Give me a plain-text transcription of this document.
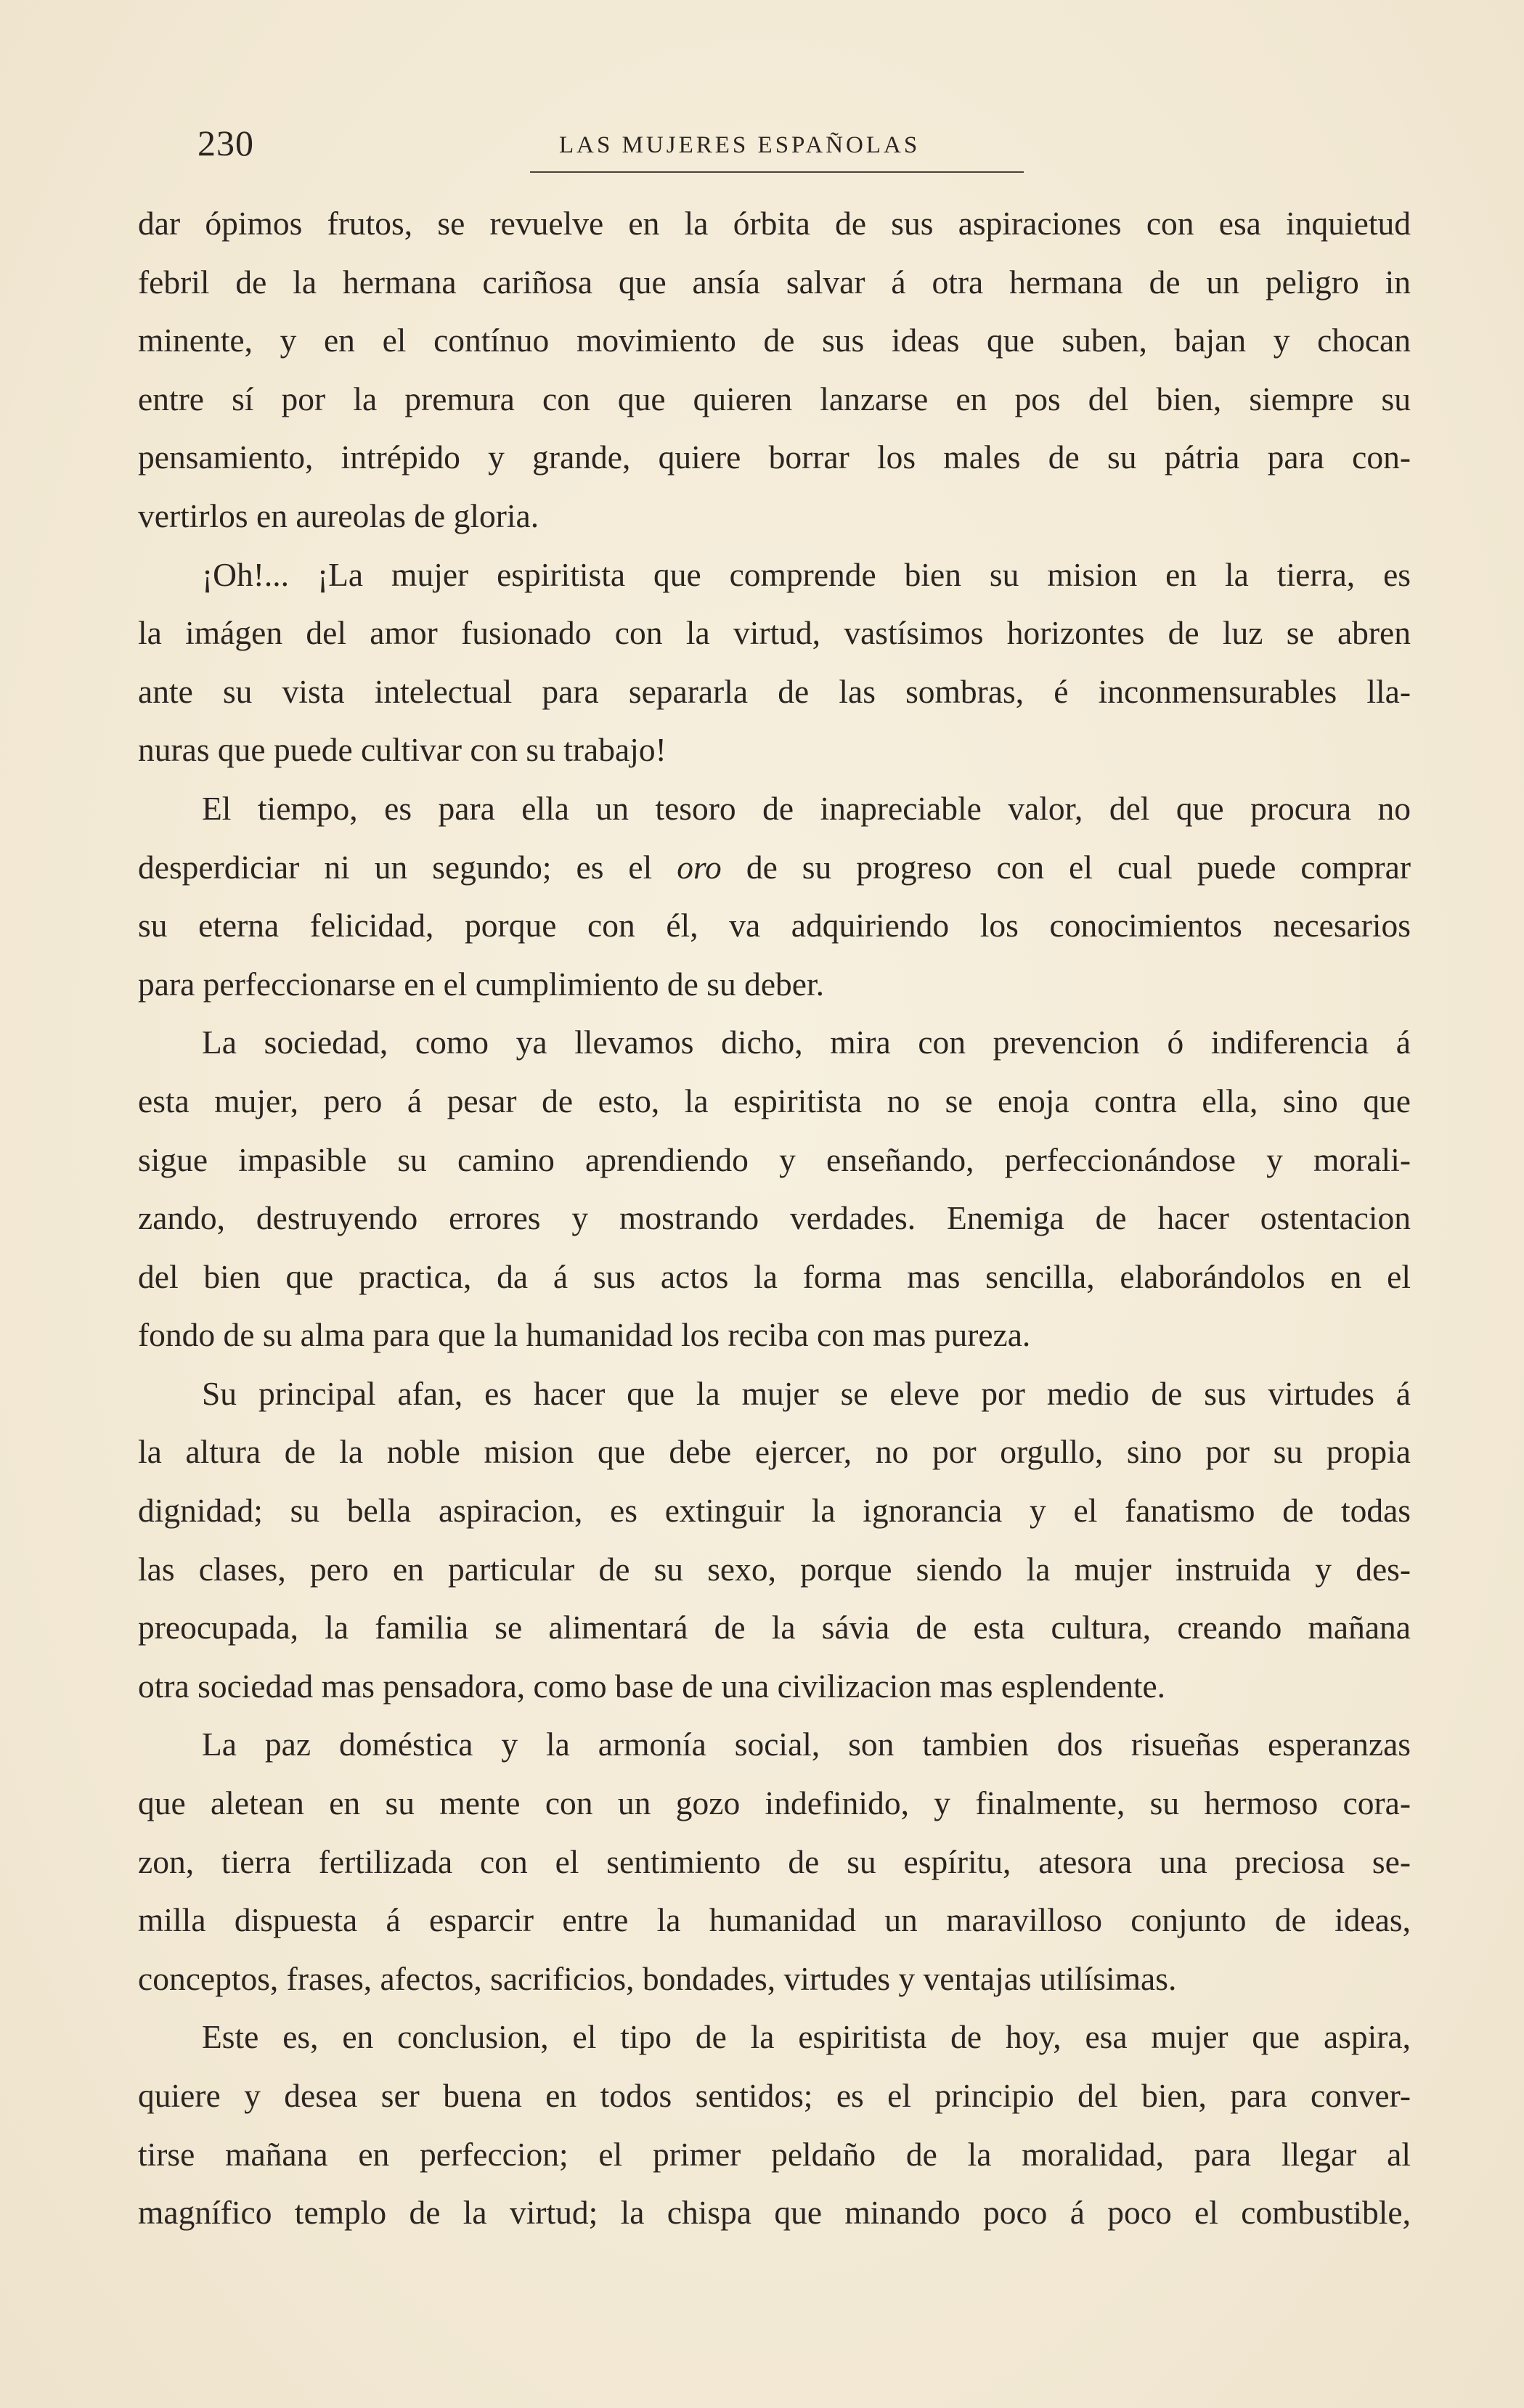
230	LAS MUJERES ESPAÑOLAS
dar ópimos frutos, se revuelve en la órbita de sus aspiraciones con esa inquietud
febril de la hermana cariñosa que ansía salvar á otra hermana de un peligro in
minente, y en el contínuo movimiento de sus ideas que suben, bajan y chocan
entre sí por la premura con que quieren lanzarse en pos del bien, siempre su
pensamiento, intrépido y grande, quiere borrar los males de su pátria para con-
vertirlos en aureolas de gloria.
¡Oh!... ¡La mujer espiritista que comprende bien su mision en la tierra, es
la imágen del amor fusionado con la virtud, vastísimos horizontes de luz se abren
ante su vista intelectual para separarla de las sombras, é inconmensurables lla-
nuras que puede cultivar con su trabajo!
El tiempo, es para ella un tesoro de inapreciable valor, del que procura no
desperdiciar ni un segundo; es el oro de su progreso con el cual puede comprar
su eterna felicidad, porque con él, va adquiriendo los conocimientos necesarios
para perfeccionarse en el cumplimiento de su deber.
La sociedad, como ya llevamos dicho, mira con prevencion ó indiferencia á
esta mujer, pero á pesar de esto, la espiritista no se enoja contra ella, sino que
sigue impasible su camino aprendiendo y enseñando, perfeccionándose y morali-
zando, destruyendo errores y mostrando verdades. Enemiga de hacer ostentacion
del bien que practica, da á sus actos la forma mas sencilla, elaborándolos en el
fondo de su alma para que la humanidad los reciba con mas pureza.
Su principal afan, es hacer que la mujer se eleve por medio de sus virtudes á
la altura de la noble mision que debe ejercer, no por orgullo, sino por su propia
dignidad; su bella aspiracion, es extinguir la ignorancia y el fanatismo de todas
las clases, pero en particular de su sexo, porque siendo la mujer instruida y des-
preocupada, la familia se alimentará de la sávia de esta cultura, creando mañana
otra sociedad mas pensadora, como base de una civilizacion mas esplendente.
La paz doméstica y la armonía social, son tambien dos risueñas esperanzas
que aletean en su mente con un gozo indefinido, y finalmente, su hermoso cora-
zon, tierra fertilizada con el sentimiento de su espíritu, atesora una preciosa se-
milla dispuesta á esparcir entre la humanidad un maravilloso conjunto de ideas,
conceptos, frases, afectos, sacrificios, bondades, virtudes y ventajas utilísimas.
Este es, en conclusion, el tipo de la espiritista de hoy, esa mujer que aspira,
quiere y desea ser buena en todos sentidos; es el principio del bien, para conver-
tirse mañana en perfeccion; el primer peldaño de la moralidad, para llegar al
magnífico templo de la virtud; la chispa que minando poco á poco el combustible,
